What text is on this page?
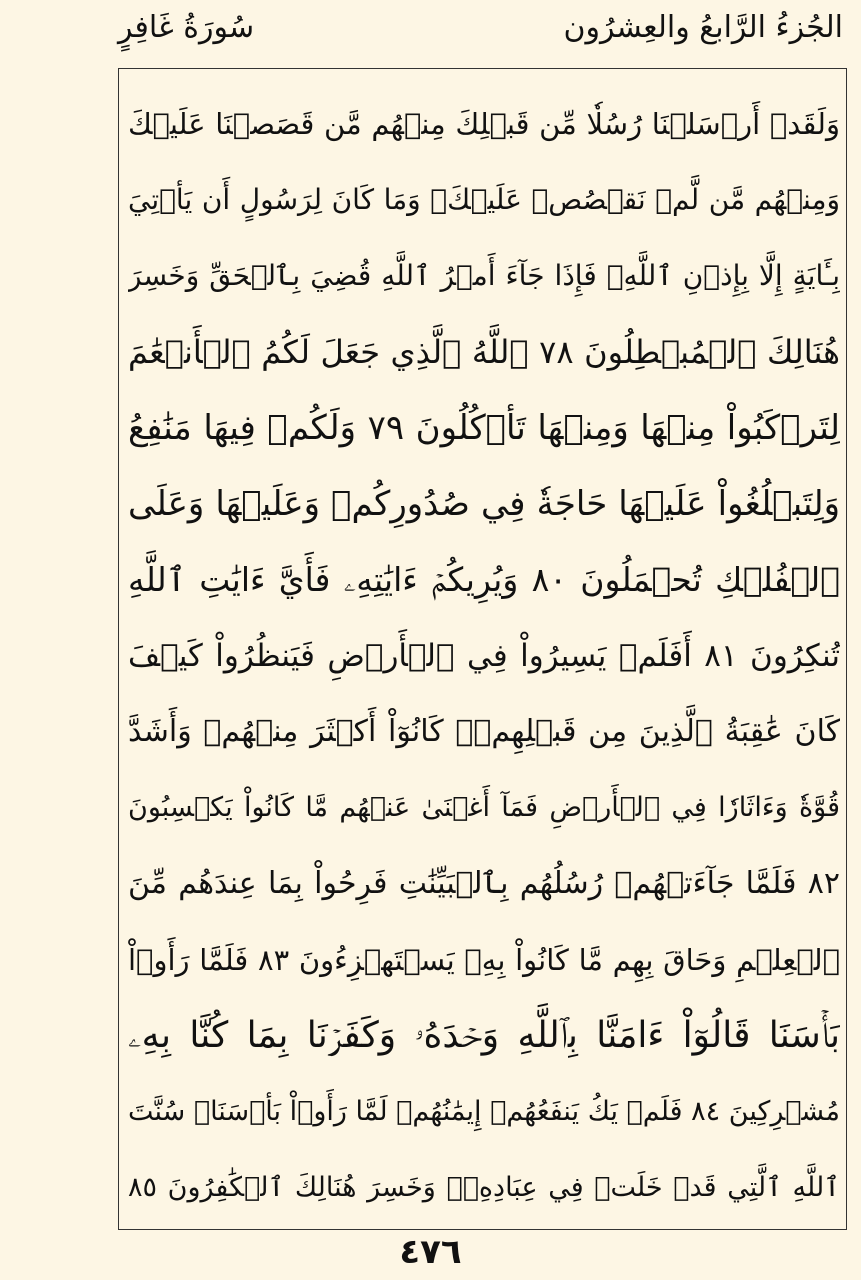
الجُزءُ الرَّابعُ والعِشرُون
سُورَةُ غَافِرٍ
وَلَقَدۡ أَرۡسَلۡنَا رُسُلٗا مِّن قَبۡلِكَ مِنۡهُم مَّن قَصَصۡنَا عَلَيۡكَ
وَمِنۡهُم مَّن لَّمۡ نَقۡصُصۡ عَلَيۡكَۗ وَمَا كَانَ لِرَسُولٍ أَن يَأۡتِيَ
بِـَٔايَةٍ إِلَّا بِإِذۡنِ ٱللَّهِۚ فَإِذَا جَآءَ أَمۡرُ ٱللَّهِ قُضِيَ بِٱلۡحَقِّ وَخَسِرَ
هُنَالِكَ ٱلۡمُبۡطِلُونَ ٧٨ ٱللَّهُ ٱلَّذِي جَعَلَ لَكُمُ ٱلۡأَنۡعَٰمَ
لِتَرۡكَبُواْ مِنۡهَا وَمِنۡهَا تَأۡكُلُونَ ٧٩ وَلَكُمۡ فِيهَا مَنَٰفِعُ
وَلِتَبۡلُغُواْ عَلَيۡهَا حَاجَةٗ فِي صُدُورِكُمۡ وَعَلَيۡهَا وَعَلَى
ٱلۡفُلۡكِ تُحۡمَلُونَ ٨٠ وَيُرِيكُمۡ ءَايَٰتِهِۦ فَأَيَّ ءَايَٰتِ ٱللَّهِ
تُنكِرُونَ ٨١ أَفَلَمۡ يَسِيرُواْ فِي ٱلۡأَرۡضِ فَيَنظُرُواْ كَيۡفَ
كَانَ عَٰقِبَةُ ٱلَّذِينَ مِن قَبۡلِهِمۡۚ كَانُوٓاْ أَكۡثَرَ مِنۡهُمۡ وَأَشَدَّ
قُوَّةٗ وَءَاثَارٗا فِي ٱلۡأَرۡضِ فَمَآ أَغۡنَىٰ عَنۡهُم مَّا كَانُواْ يَكۡسِبُونَ
٨٢ فَلَمَّا جَآءَتۡهُمۡ رُسُلُهُم بِٱلۡبَيِّنَٰتِ فَرِحُواْ بِمَا عِندَهُم مِّنَ
ٱلۡعِلۡمِ وَحَاقَ بِهِم مَّا كَانُواْ بِهِۦ يَسۡتَهۡزِءُونَ ٨٣ فَلَمَّا رَأَوۡاْ
بَأۡسَنَا قَالُوٓاْ ءَامَنَّا بِٱللَّهِ وَحۡدَهُۥ وَكَفَرۡنَا بِمَا كُنَّا بِهِۦ
مُشۡرِكِينَ ٨٤ فَلَمۡ يَكُ يَنفَعُهُمۡ إِيمَٰنُهُمۡ لَمَّا رَأَوۡاْ بَأۡسَنَاۖ سُنَّتَ
ٱللَّهِ ٱلَّتِي قَدۡ خَلَتۡ فِي عِبَادِهِۦۖ وَخَسِرَ هُنَالِكَ ٱلۡكَٰفِرُونَ ٨٥
٤٧٦
